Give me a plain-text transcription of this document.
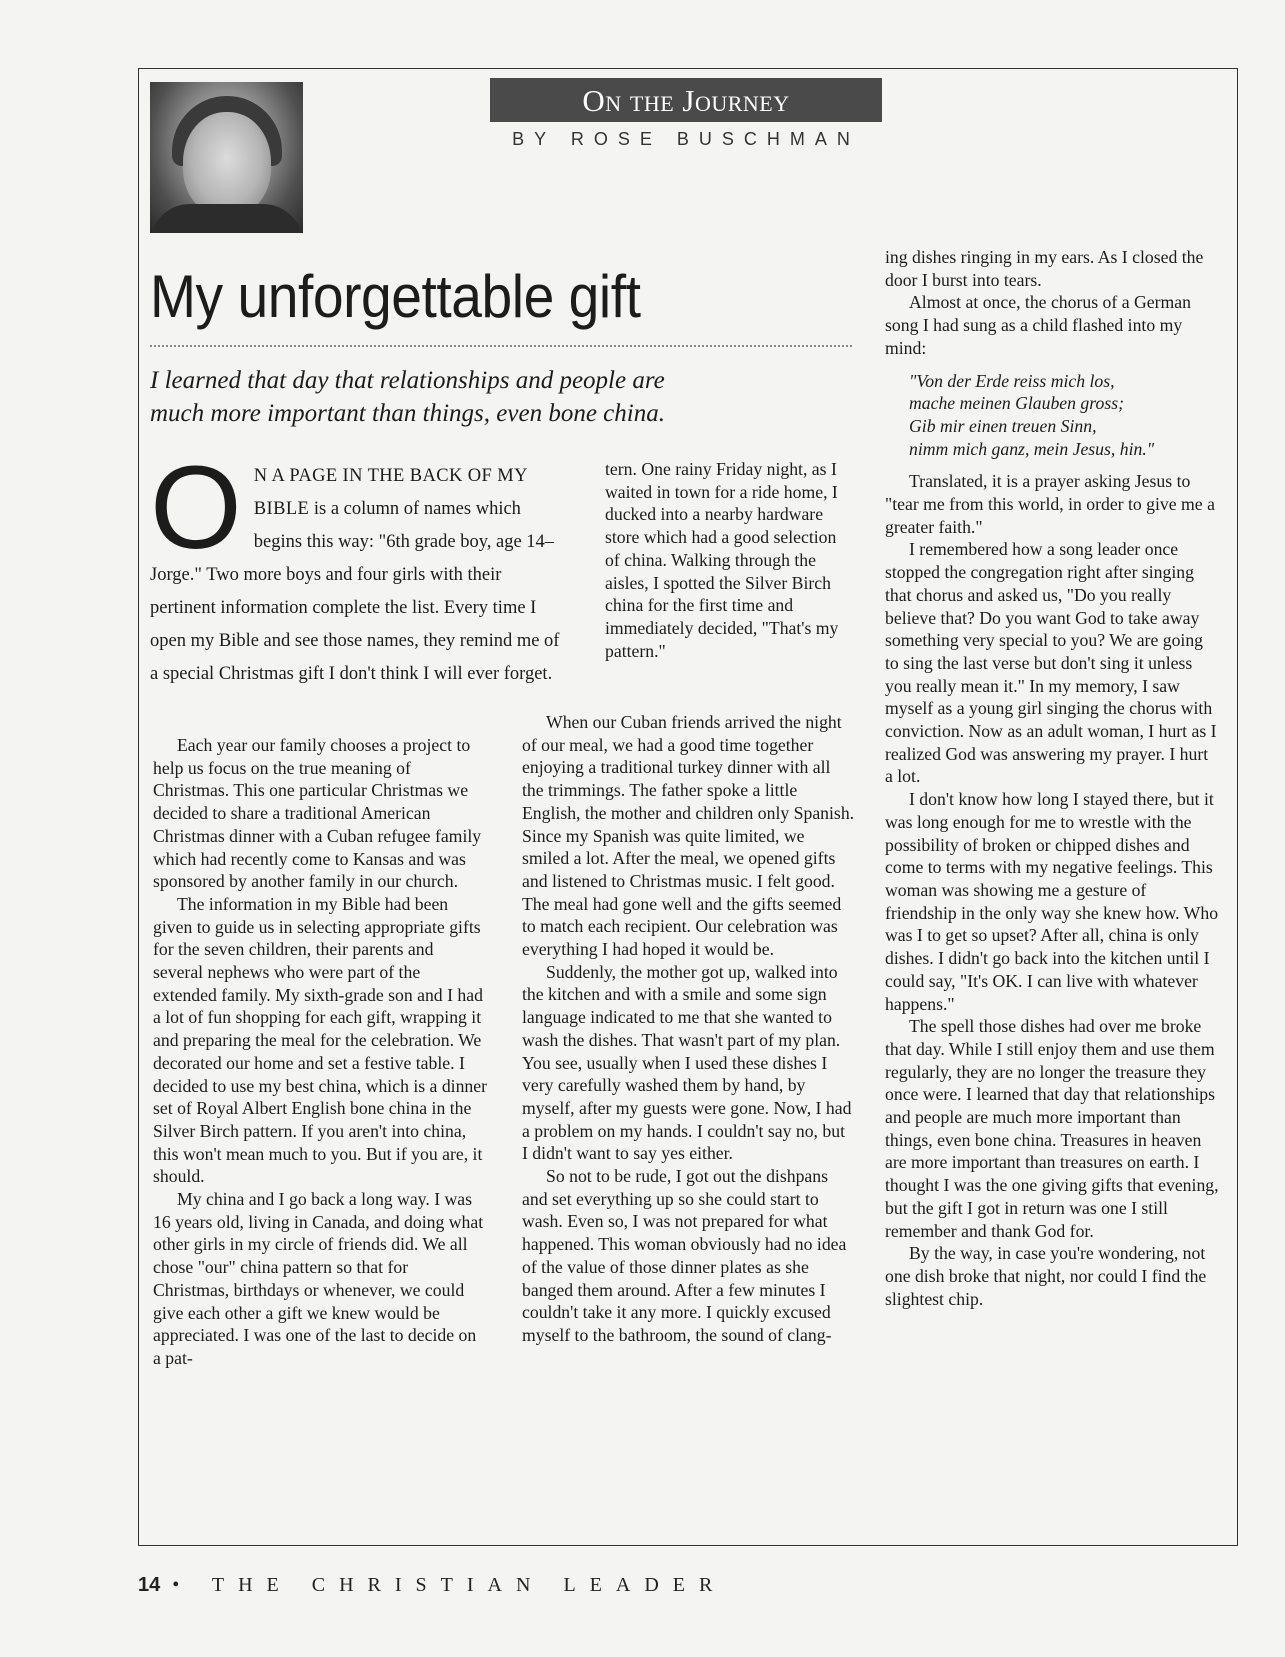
On the Journey
BY ROSE BUSCHMAN
My unforgettable gift

I learned that day that relationships and people are much more important than things, even bone china.

O N A PAGE IN THE BACK OF MY BIBLE is a column of names which begins this way: "6th grade boy, age 14–Jorge." Two more boys and four girls with their pertinent information complete the list. Every time I open my Bible and see those names, they remind me of a special Christmas gift I don't think I will ever forget.

Each year our family chooses a project to help us focus on the true meaning of Christmas. This one particular Christmas we decided to share a traditional American Christmas dinner with a Cuban refugee family which had recently come to Kansas and was sponsored by another family in our church.

The information in my Bible had been given to guide us in selecting appropriate gifts for the seven children, their parents and several nephews who were part of the extended family. My sixth-grade son and I had a lot of fun shopping for each gift, wrapping it and preparing the meal for the celebration. We decorated our home and set a festive table. I decided to use my best china, which is a dinner set of Royal Albert English bone china in the Silver Birch pattern. If you aren't into china, this won't mean much to you. But if you are, it should.

My china and I go back a long way. I was 16 years old, living in Canada, and doing what other girls in my circle of friends did. We all chose "our" china pattern so that for Christmas, birthdays or whenever, we could give each other a gift we knew would be appreciated. I was one of the last to decide on a pat-

tern. One rainy Friday night, as I waited in town for a ride home, I ducked into a nearby hardware store which had a good selection of china. Walking through the aisles, I spotted the Silver Birch china for the first time and immediately decided, "That's my pattern."

When our Cuban friends arrived the night of our meal, we had a good time together enjoying a traditional turkey dinner with all the trimmings. The father spoke a little English, the mother and children only Spanish. Since my Spanish was quite limited, we smiled a lot. After the meal, we opened gifts and listened to Christmas music. I felt good. The meal had gone well and the gifts seemed to match each recipient. Our celebration was everything I had hoped it would be.

Suddenly, the mother got up, walked into the kitchen and with a smile and some sign language indicated to me that she wanted to wash the dishes. That wasn't part of my plan. You see, usually when I used these dishes I very carefully washed them by hand, by myself, after my guests were gone. Now, I had a problem on my hands. I couldn't say no, but I didn't want to say yes either.

So not to be rude, I got out the dishpans and set everything up so she could start to wash. Even so, I was not prepared for what happened. This woman obviously had no idea of the value of those dinner plates as she banged them around. After a few minutes I couldn't take it any more. I quickly excused myself to the bathroom, the sound of clang-

ing dishes ringing in my ears. As I closed the door I burst into tears.

Almost at once, the chorus of a German song I had sung as a child flashed into my mind:

"Von der Erde reiss mich los,
mache meinen Glauben gross;
Gib mir einen treuen Sinn,
nimm mich ganz, mein Jesus, hin."

Translated, it is a prayer asking Jesus to "tear me from this world, in order to give me a greater faith."

I remembered how a song leader once stopped the congregation right after singing that chorus and asked us, "Do you really believe that? Do you want God to take away something very special to you? We are going to sing the last verse but don't sing it unless you really mean it." In my memory, I saw myself as a young girl singing the chorus with conviction. Now as an adult woman, I hurt as I realized God was answering my prayer. I hurt a lot.

I don't know how long I stayed there, but it was long enough for me to wrestle with the possibility of broken or chipped dishes and come to terms with my negative feelings. This woman was showing me a gesture of friendship in the only way she knew how. Who was I to get so upset? After all, china is only dishes. I didn't go back into the kitchen until I could say, "It's OK. I can live with whatever happens."

The spell those dishes had over me broke that day. While I still enjoy them and use them regularly, they are no longer the treasure they once were. I learned that day that relationships and people are much more important than things, even bone china. Treasures in heaven are more important than treasures on earth. I thought I was the one giving gifts that evening, but the gift I got in return was one I still remember and thank God for.

By the way, in case you're wondering, not one dish broke that night, nor could I find the slightest chip.

14 • THE CHRISTIAN LEADER
